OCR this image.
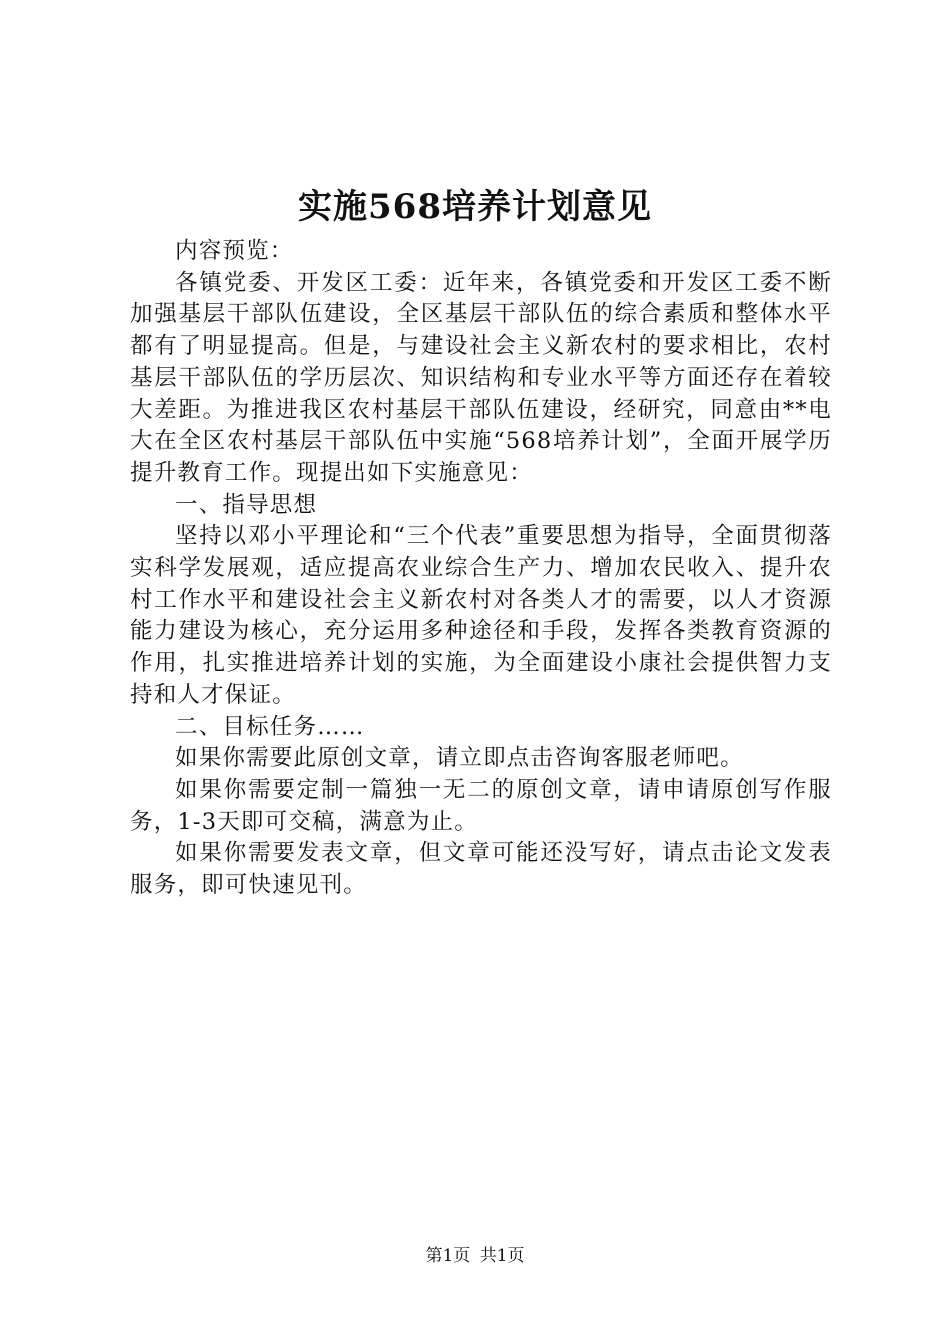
实施568培养计划意见

内容预览：

各镇党委、开发区工委：近年来，各镇党委和开发区工委不断加强基层干部队伍建设，全区基层干部队伍的综合素质和整体水平都有了明显提高。但是，与建设社会主义新农村的要求相比，农村基层干部队伍的学历层次、知识结构和专业水平等方面还存在着较大差距。为推进我区农村基层干部队伍建设，经研究，同意由**电大在全区农村基层干部队伍中实施“568培养计划”，全面开展学历提升教育工作。现提出如下实施意见：

一、指导思想

坚持以邓小平理论和“三个代表”重要思想为指导，全面贯彻落实科学发展观，适应提高农业综合生产力、增加农民收入、提升农村工作水平和建设社会主义新农村对各类人才的需要，以人才资源能力建设为核心，充分运用多种途径和手段，发挥各类教育资源的作用，扎实推进培养计划的实施，为全面建设小康社会提供智力支持和人才保证。

二、目标任务……

如果你需要此原创文章，请立即点击咨询客服老师吧。

如果你需要定制一篇独一无二的原创文章，请申请原创写作服务，1-3天即可交稿，满意为止。

如果你需要发表文章，但文章可能还没写好，请点击论文发表服务，即可快速见刊。

第1页 共1页
